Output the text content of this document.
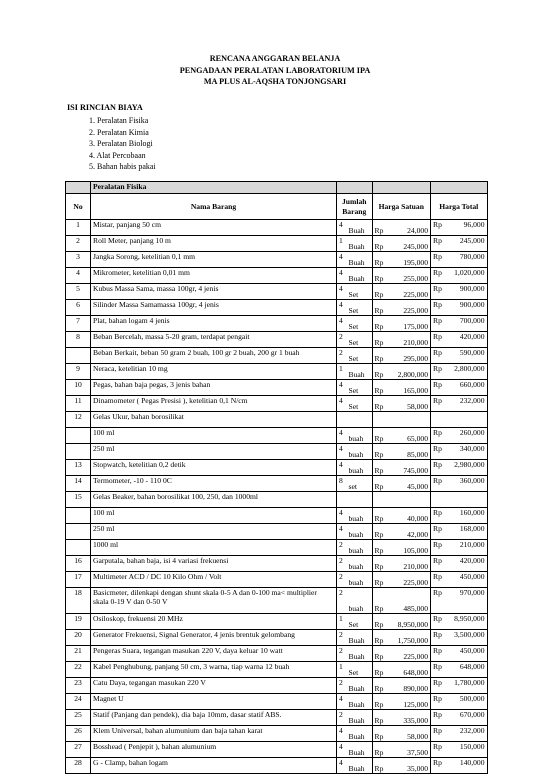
RENCANA ANGGARAN BELANJA
PENGADAAN PERALATAN LABORATORIUM IPA
MA PLUS AL-AQSHA TONJONGSARI
ISI RINCIAN BIAYA
1. Peralatan Fisika
2. Peralatan Kimia
3. Peralatan Biologi
4. Alat Percobaan
5. Bahan habis pakai
	Peralatan Fisika						
No	Nama Barang	Jumlah Barang		Harga Satuan		Harga Total	
1	Mistar, panjang 50 cm	4	Buah	Rp	24,000	Rp	96,000
2	Roll Meter, panjang 10 m	1	Buah	Rp	245,000	Rp	245,000
3	Jangka Sorong, ketelitian 0,1 mm	4	Buah	Rp	195,000	Rp	780,000
4	Mikrometer, ketelitian 0,01 mm	4	Buah	Rp	255,000	Rp	1,020,000
5	Kubus Massa Sama, massa 100gr, 4 jenis	4	Set	Rp	225,000	Rp	900,000
6	Silinder Massa Samamassa 100gr, 4 jenis	4	Set	Rp	225,000	Rp	900,000
7	Plat, bahan logam 4 jenis	4	Set	Rp	175,000	Rp	700,000
8	Beban Bercelah, massa 5-20 gram, terdapat pengait	2	Set	Rp	210,000	Rp	420,000
	Beban Berkait, beban 50 gram 2 buah, 100 gr 2 buah, 200 gr 1 buah	2	Set	Rp	295,000	Rp	590,000
9	Neraca, ketelitian 10 mg	1	Buah	Rp	2,800,000	Rp	2,800,000
10	Pegas, bahan baja pegas, 3 jenis bahan	4	Set	Rp	165,000	Rp	660,000
11	Dinamometer ( Pegas Presisi ), ketelitian 0,1 N/cm	4	Set	Rp	58,000	Rp	232,000
12	Gelas Ukur, bahan borosilikat						
	100 ml	4	buah	Rp	65,000	Rp	260,000
	250 ml	4	buah	Rp	85,000	Rp	340,000
13	Stopwatch, ketelitian 0,2 detik	4	buah	Rp	745,000	Rp	2,980,000
14	Termometer, -10 - 110 0C	8	set	Rp	45,000	Rp	360,000
15	Gelas Beaker, bahan borosilikat 100, 250, dan 1000ml						
	100 ml	4	buah	Rp	40,000	Rp	160,000
	250 ml	4	buah	Rp	42,000	Rp	168,000
	1000 ml	2	buah	Rp	105,000	Rp	210,000
16	Garputala, bahan baja, isi 4 variasi frekuensi	2	buah	Rp	210,000	Rp	420,000
17	Multimeter ACD / DC 10 Kilo Ohm / Volt	2	buah	Rp	225,000	Rp	450,000
18	Basicmeter, dilenkapi dengan shunt skala 0-5 A dan 0-100 ma< multiplier skala 0-19 V dan 0-50 V	2	buah	Rp	485,000	Rp	970,000
19	Osiloskop, frekuensi 20 MHz	1	Set	Rp	8,950,000	Rp	8,950,000
20	Generator Frekuensi, Signal Generator, 4 jenis brentuk gelombang	2	Buah	Rp	1,750,000	Rp	3,500,000
21	Pengeras Suara, tegangan masukan 220 V, daya keluar 10 watt	2	Buah	Rp	225,000	Rp	450,000
22	Kabel Penghubung, panjang 50 cm, 3 warna, tiap warna 12 buah	1	Set	Rp	648,000	Rp	648,000
23	Catu Daya, tegangan masukan 220 V	2	Buah	Rp	890,000	Rp	1,780,000
24	Magnet U	4	Buah	Rp	125,000	Rp	500,000
25	Statif (Panjang dan pendek), dia baja 10mm, dasar statif ABS.	2	Buah	Rp	335,000	Rp	670,000
26	Klem Universal, bahan alumunium dan baja tahan karat	4	Buah	Rp	58,000	Rp	232,000
27	Bosshead ( Penjepit ), bahan alumunium	4	Buah	Rp	37,500	Rp	150,000
28	G - Clamp, bahan logam	4	Buah	Rp	35,000	Rp	140,000
